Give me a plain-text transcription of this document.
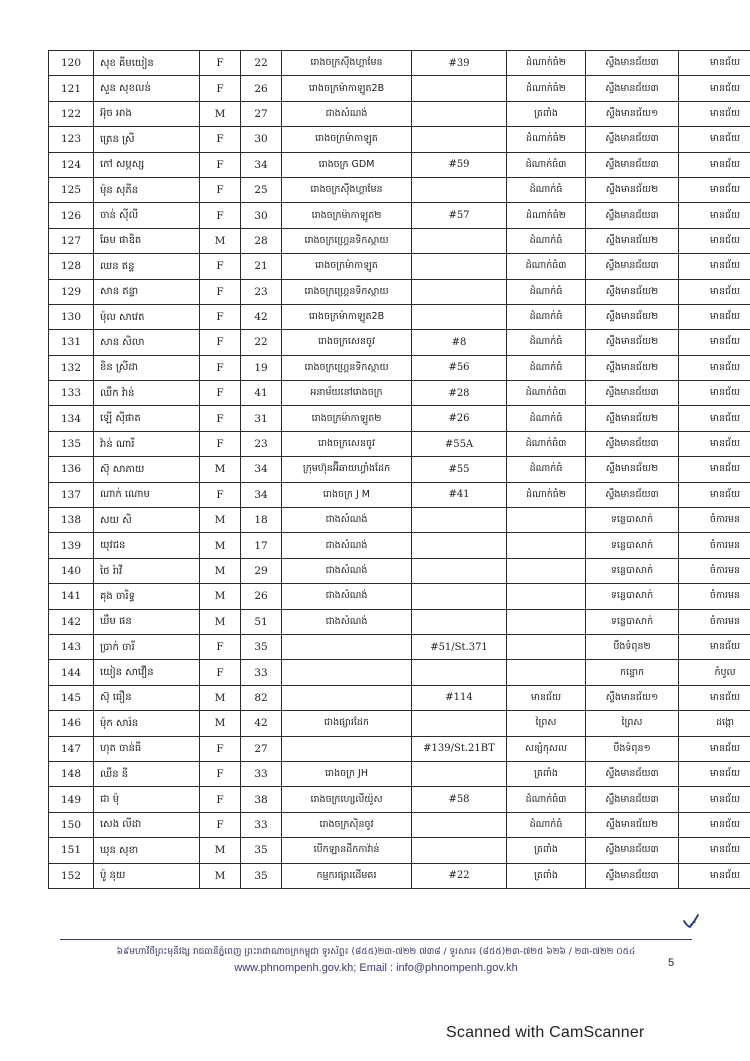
120	សុខ គីមយៀន	F	22	រោងចក្រស៊ីងហ្គាមែន	#39	ដំណាក់ធំ២	ស្ទឹងមានជ័យ៣	មានជ័យ
121	សួន សុខលន់	F	26	រោងចក្រម៉ាកាឡូត2B		ដំណាក់ធំ២	ស្ទឹងមានជ័យ៣	មានជ័យ
122	អ៊ុច អាង	M	27	ជាងសំណង់		ត្រពាំង	ស្ទឹងមានជ័យ១	មានជ័យ
123	ត្រេន ស្រី	F	30	រោងចក្រម៉ាកាឡូត		ដំណាក់ធំ២	ស្ទឹងមានជ័យ៣	មានជ័យ
124	កៅ សម្ភស្ស	F	34	រោងចក្រ GDM	#59	ដំណាក់ធំ៣	ស្ទឹងមានជ័យ៣	មានជ័យ
125	ម៉ុន សុភីន	F	25	រោងចក្រស៊ីងហ្គាមែន		ដំណាក់ធំ	ស្ទឹងមានជ័យ២	មានជ័យ
126	ចាន់ ស៊ីលី	F	30	រោងចក្រម៉ាកាឡូត២	#57	ដំណាក់ធំ២	ស្ទឹងមានជ័យ៣	មានជ័យ
127	ឆែម ផាឌិត	M	28	រោងចក្រហ្គ្រេនទិកស្កាយ		ដំណាក់ធំ	ស្ទឹងមានជ័យ២	មានជ័យ
128	ឈន ឥន្ទ	F	21	រោងចក្រម៉ាកាឡូត		ដំណាក់ធំ៣	ស្ទឹងមានជ័យ៣	មានជ័យ
129	សាន ឥន្ទា	F	23	រោងចក្រហ្គ្រេនទិកស្កាយ		ដំណាក់ធំ	ស្ទឹងមានជ័យ២	មានជ័យ
130	ម៉ុល សាវេត	F	42	រោងចក្រម៉ាកាឡូត2B		ដំណាក់ធំ	ស្ទឹងមានជ័យ២	មានជ័យ
131	សាន សិលា	F	22	រោងចក្រសេនចូវ	#8	ដំណាក់ធំ	ស្ទឹងមានជ័យ២	មានជ័យ
132	ខិន ស្រីដា	F	19	រោងចក្រហ្គ្រេនទិកស្កាយ	#56	ដំណាក់ធំ	ស្ទឹងមានជ័យ២	មានជ័យ
133	ឈឹក វ៉ាន់	F	41	អនាម័យនៅរោងចក្រ	#28	ដំណាក់ធំ៣	ស្ទឹងមានជ័យ៣	មានជ័យ
134	ឡើ ស៊ីផាត	F	31	រោងចក្រម៉ាកាឡូត២	#26	ដំណាក់ធំ	ស្ទឹងមានជ័យ២	មានជ័យ
135	វ៉ាន់ ណារី	F	23	រោងចក្រសេនចូវ	#55A	ដំណាក់ធំ៣	ស្ទឹងមានជ័យ៣	មានជ័យ
136	ស៊ុ សាភាយ	M	34	ក្រុមហ៊ុនអ៊ីឆាយហ្វាំងដែក	#55	ដំណាក់ធំ	ស្ទឹងមានជ័យ២	មានជ័យ
137	ណាក់ ណោម	F	34	រោងចក្រ J M	#41	ដំណាក់ធំ២	ស្ទឹងមានជ័យ៣	មានជ័យ
138	សយ សិ	M	18	ជាងសំណង់			ទន្លេបាសាក់	ចំការមន
139	យុវជន	M	17	ជាងសំណង់			ទន្លេបាសាក់	ចំការមន
140	ថៃ រ៉ាវី	M	29	ជាងសំណង់			ទន្លេបាសាក់	ចំការមន
141	គុង ចារិទ្ធ	M	26	ជាងសំណង់			ទន្លេបាសាក់	ចំការមន
142	ឃឹម ផន	M	51	ជាងសំណង់			ទន្លេបាសាក់	ចំការមន
143	ប្រាក់ ចារី	F	35		#51/St.371		បឹងទំពុន២	មានជ័យ
144	យៀន សាវឿន	F	33				កន្ទោក	កំបូល
145	ស៊ុ ធឿន	M	82		#114	មានជ័យ	ស្ទឹងមានជ័យ១	មានជ័យ
146	ម៉ុក សារ៉ន	M	42	ជាងផ្សារដែក		ព្រៃស	ព្រៃស	ដង្កោ
147	ហុត ចាន់ធី	F	27		#139/St.21BT	សន្សំកុសល	បឹងទំពុន១	មានជ័យ
148	ឈឹន នី	F	33	រោងចក្រ JH		ត្រពាំង	ស្ទឹងមានជ័យ៣	មានជ័យ
149	ជា ម៉ុ	F	38	រោងចក្រហ្សេលីយ៉ូស	#58	ដំណាក់ធំ៣	ស្ទឹងមានជ័យ៣	មានជ័យ
150	សេង លីដា	F	33	រោងចក្រស៊ិនចូវ		ដំណាក់ធំ	ស្ទឹងមានជ័យ២	មានជ័យ
151	ឃុន សុខា	M	35	បើកឡានដឹកកាវ៉ាន់		ត្រពាំង	ស្ទឹងមានជ័យ៣	មានជ័យ
152	ប៉ូ នុយ	M	35	កម្មករផ្សារដើមគរ	#22	ត្រពាំង	ស្ទឹងមានជ័យ៣	មានជ័យ
៦៩មហាវិថីព្រះមុនីវង្ស រាជធានីភ្នំពេញ ព្រះរាជាណាចក្រកម្ពុជា ទូរស័ព្ទ៖ (៨៥៥)២៣-៧២២ ៧៣៨ / ទូរសារ៖ (៨៥៥)២៣-៧២៥ ៦២៦ / ២៣-៧២២ ០៥៤
www.phnompenh.gov.kh; Email : info@phnompenh.gov.kh	5
Scanned with CamScanner
